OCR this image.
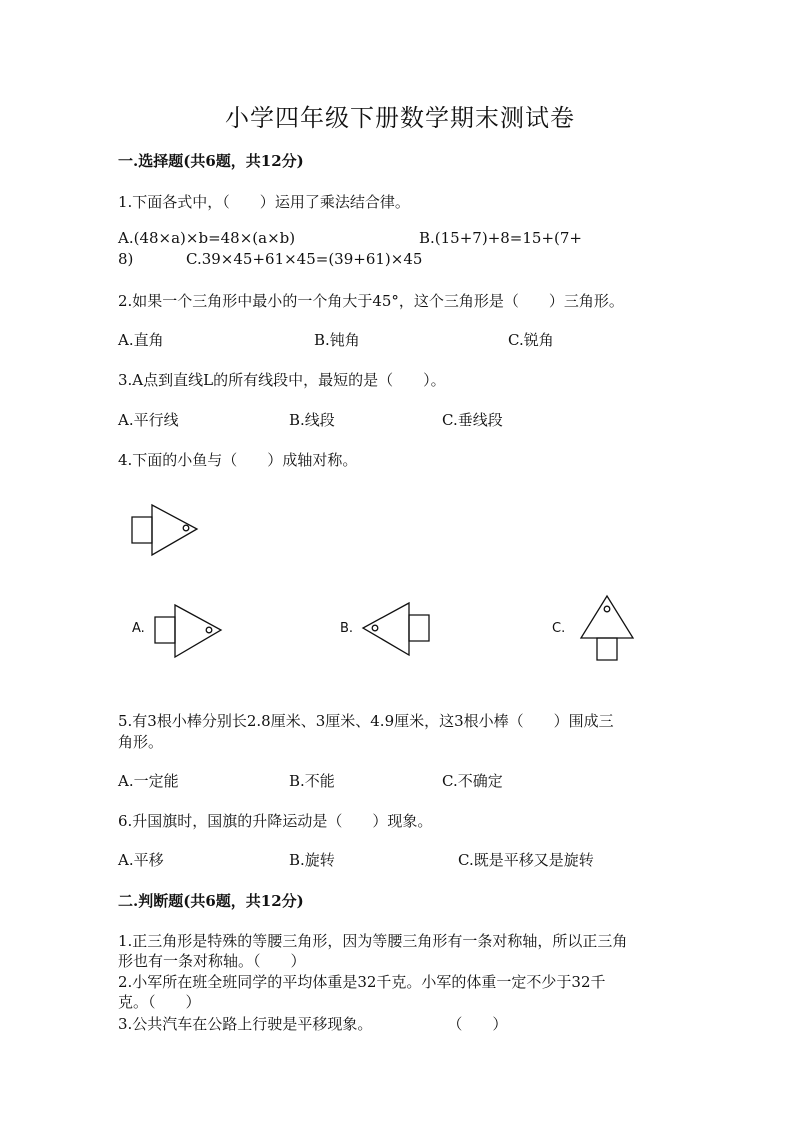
小学四年级下册数学期末测试卷
一.选择题(共6题，共12分)
1.下面各式中，（　　）运用了乘法结合律。
A.(48×a)×b=48×(a×b)	B.(15+7)+8=15+(7+
8)	C.39×45+61×45=(39+61)×45
2.如果一个三角形中最小的一个角大于45°，这个三角形是（　　）三角形。
A.直角	B.钝角	C.锐角
3.A点到直线L的所有线段中，最短的是（　　）。
A.平行线	B.线段	C.垂线段
4.下面的小鱼与（　　）成轴对称。
A.	B.	C.
5.有3根小棒分别长2.8厘米、3厘米、4.9厘米，这3根小棒（　　）围成三
角形。
A.一定能	B.不能	C.不确定
6.升国旗时，国旗的升降运动是（　　）现象。
A.平移	B.旋转	C.既是平移又是旋转
二.判断题(共6题，共12分)
1.正三角形是特殊的等腰三角形，因为等腰三角形有一条对称轴，所以正三角
形也有一条对称轴。（　　）
2.小军所在班全班同学的平均体重是32千克。小军的体重一定不少于32千
克。（　　）
3.公共汽车在公路上行驶是平移现象。　　　　　　（　　）
